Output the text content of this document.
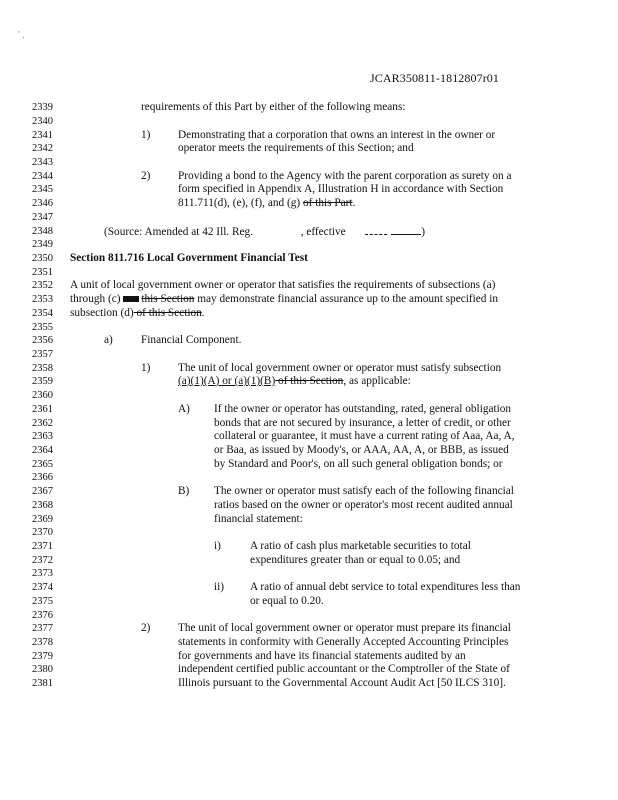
' .
JCAR350811-1812807r01
2339
2340
2341
2342
2343
2344
2345
2346
2347
2348
2349
2350
2351
2352
2353
2354
2355
2356
2357
2358
2359
2360
2361
2362
2363
2364
2365
2366
2367
2368
2369
2370
2371
2372
2373
2374
2375
2376
2377
2378
2379
2380
2381
requirements of this Part by either of the following means:
1) Demonstrating that a corporation that owns an interest in the owner or
operator meets the requirements of this Section; and
2) Providing a bond to the Agency with the parent corporation as surety on a
form specified in Appendix A, Illustration H in accordance with Section
811.711(d), (e), (f), and (g) of this Part.
(Source: Amended at 42 Ill. Reg.	, effective	)
Section 811.716 Local Government Financial Test
A unit of local government owner or operator that satisfies the requirements of subsections (a)
through (c) this Section may demonstrate financial assurance up to the amount specified in
subsection (d) of this Section.
a) Financial Component.
1) The unit of local government owner or operator must satisfy subsection
(a)(1)(A) or (a)(1)(B) of this Section, as applicable:
A) If the owner or operator has outstanding, rated, general obligation
bonds that are not secured by insurance, a letter of credit, or other
collateral or guarantee, it must have a current rating of Aaa, Aa, A,
or Baa, as issued by Moody's, or AAA, AA, A, or BBB, as issued
by Standard and Poor's, on all such general obligation bonds; or
B) The owner or operator must satisfy each of the following financial
ratios based on the owner or operator's most recent audited annual
financial statement:
i)	A ratio of cash plus marketable securities to total
expenditures greater than or equal to 0.05; and
ii) A ratio of annual debt service to total expenditures less than
or equal to 0.20.
2) The unit of local government owner or operator must prepare its financial
statements in conformity with Generally Accepted Accounting Principles
for governments and have its financial statements audited by an
independent certified public accountant or the Comptroller of the State of
Illinois pursuant to the Governmental Account Audit Act [50 ILCS 310].
